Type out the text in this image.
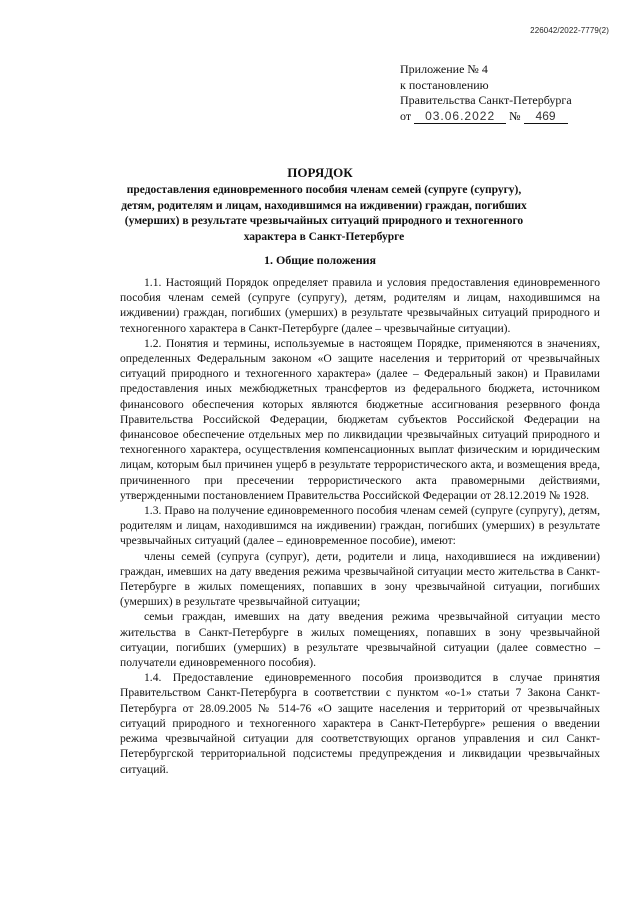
226042/2022-7779(2)
Приложение № 4
к постановлению
Правительства Санкт-Петербурга
от 03.06.2022 № 469
ПОРЯДОК
предоставления единовременного пособия членам семей (супруге (супругу), детям, родителям и лицам, находившимся на иждивении) граждан, погибших (умерших) в результате чрезвычайных ситуаций природного и техногенного характера в Санкт-Петербурге
1. Общие положения

1.1. Настоящий Порядок определяет правила и условия предоставления единовременного пособия членам семей (супруге (супругу), детям, родителям и лицам, находившимся на иждивении) граждан, погибших (умерших) в результате чрезвычайных ситуаций природного и техногенного характера в Санкт-Петербурге (далее – чрезвычайные ситуации).

1.2. Понятия и термины, используемые в настоящем Порядке, применяются в значениях, определенных Федеральным законом «О защите населения и территорий от чрезвычайных ситуаций природного и техногенного характера» (далее – Федеральный закон) и Правилами предоставления иных межбюджетных трансфертов из федерального бюджета, источником финансового обеспечения которых являются бюджетные ассигнования резервного фонда Правительства Российской Федерации, бюджетам субъектов Российской Федерации на финансовое обеспечение отдельных мер по ликвидации чрезвычайных ситуаций природного и техногенного характера, осуществления компенсационных выплат физическим и юридическим лицам, которым был причинен ущерб в результате террористического акта, и возмещения вреда, причиненного при пресечении террористического акта правомерными действиями, утвержденными постановлением Правительства Российской Федерации от 28.12.2019 № 1928.

1.3. Право на получение единовременного пособия членам семей (супруге (супругу), детям, родителям и лицам, находившимся на иждивении) граждан, погибших (умерших) в результате чрезвычайных ситуаций (далее – единовременное пособие), имеют:

члены семей (супруга (супруг), дети, родители и лица, находившиеся на иждивении) граждан, имевших на дату введения режима чрезвычайной ситуации место жительства в Санкт-Петербурге в жилых помещениях, попавших в зону чрезвычайной ситуации, погибших (умерших) в результате чрезвычайной ситуации;

семьи граждан, имевших на дату введения режима чрезвычайной ситуации место жительства в Санкт-Петербурге в жилых помещениях, попавших в зону чрезвычайной ситуации, погибших (умерших) в результате чрезвычайной ситуации (далее совместно – получатели единовременного пособия).

1.4. Предоставление единовременного пособия производится в случае принятия Правительством Санкт-Петербурга в соответствии с пунктом «о-1» статьи 7 Закона Санкт-Петербурга от 28.09.2005 № 514-76 «О защите населения и территорий от чрезвычайных ситуаций природного и техногенного характера в Санкт-Петербурге» решения о введении режима чрезвычайной ситуации для соответствующих органов управления и сил Санкт-Петербургской территориальной подсистемы предупреждения и ликвидации чрезвычайных ситуаций.
